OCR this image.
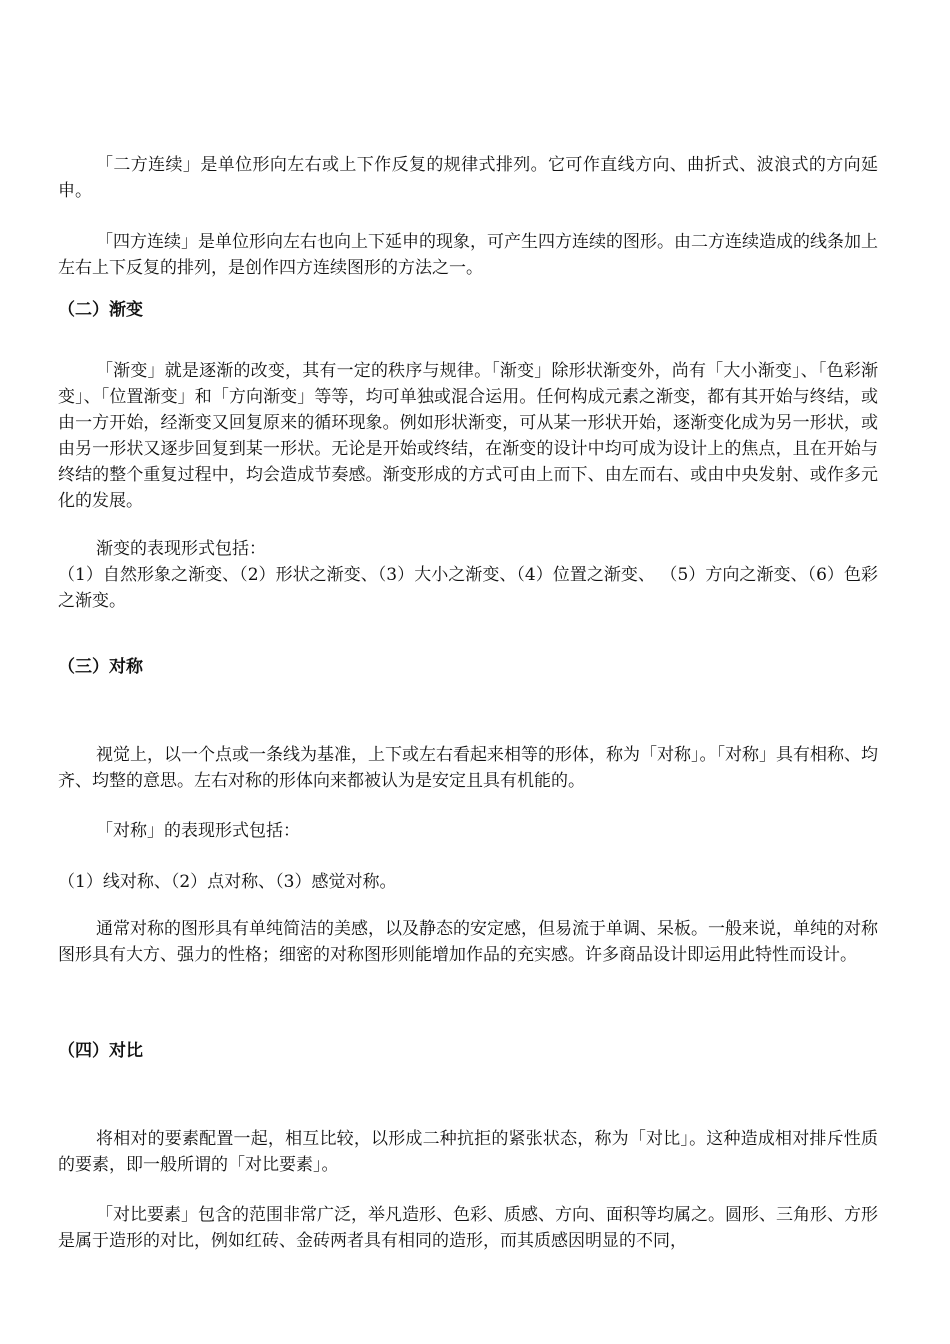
「二方连续」是单位形向左右或上下作反复的规律式排列。它可作直线方向、曲折式、波浪式的方向延申。

「四方连续」是单位形向左右也向上下延申的现象，可产生四方连续的图形。由二方连续造成的线条加上左右上下反复的排列，是创作四方连续图形的方法之一。

（二）渐变

「渐变」就是逐渐的改变，其有一定的秩序与规律。「渐变」除形状渐变外，尚有「大小渐变」、「色彩渐变」、「位置渐变」和「方向渐变」等等，均可单独或混合运用。任何构成元素之渐变，都有其开始与终结，或由一方开始，经渐变又回复原来的循环现象。例如形状渐变，可从某一形状开始，逐渐变化成为另一形状，或由另一形状又逐步回复到某一形状。无论是开始或终结，在渐变的设计中均可成为设计上的焦点，且在开始与终结的整个重复过程中，均会造成节奏感。渐变形成的方式可由上而下、由左而右、或由中央发射、或作多元化的发展。

渐变的表现形式包括：

（1）自然形象之渐变、（2）形状之渐变、（3）大小之渐变、（4）位置之渐变、 （5）方向之渐变、（6）色彩之渐变。

（三）对称

视觉上，以一个点或一条线为基准，上下或左右看起来相等的形体，称为「对称」。「对称」具有相称、均齐、均整的意思。左右对称的形体向来都被认为是安定且具有机能的。

「对称」的表现形式包括：

（1）线对称、（2）点对称、（3）感觉对称。

通常对称的图形具有单纯简洁的美感，以及静态的安定感，但易流于单调、呆板。一般来说，单纯的对称图形具有大方、强力的性格；细密的对称图形则能增加作品的充实感。许多商品设计即运用此特性而设计。

（四）对比

将相对的要素配置一起，相互比较，以形成二种抗拒的紧张状态，称为「对比」。这种造成相对排斥性质的要素，即一般所谓的「对比要素」。

「对比要素」包含的范围非常广泛，举凡造形、色彩、质感、方向、面积等均属之。圆形、三角形、方形是属于造形的对比，例如红砖、金砖两者具有相同的造形，而其质感因明显的不同，
